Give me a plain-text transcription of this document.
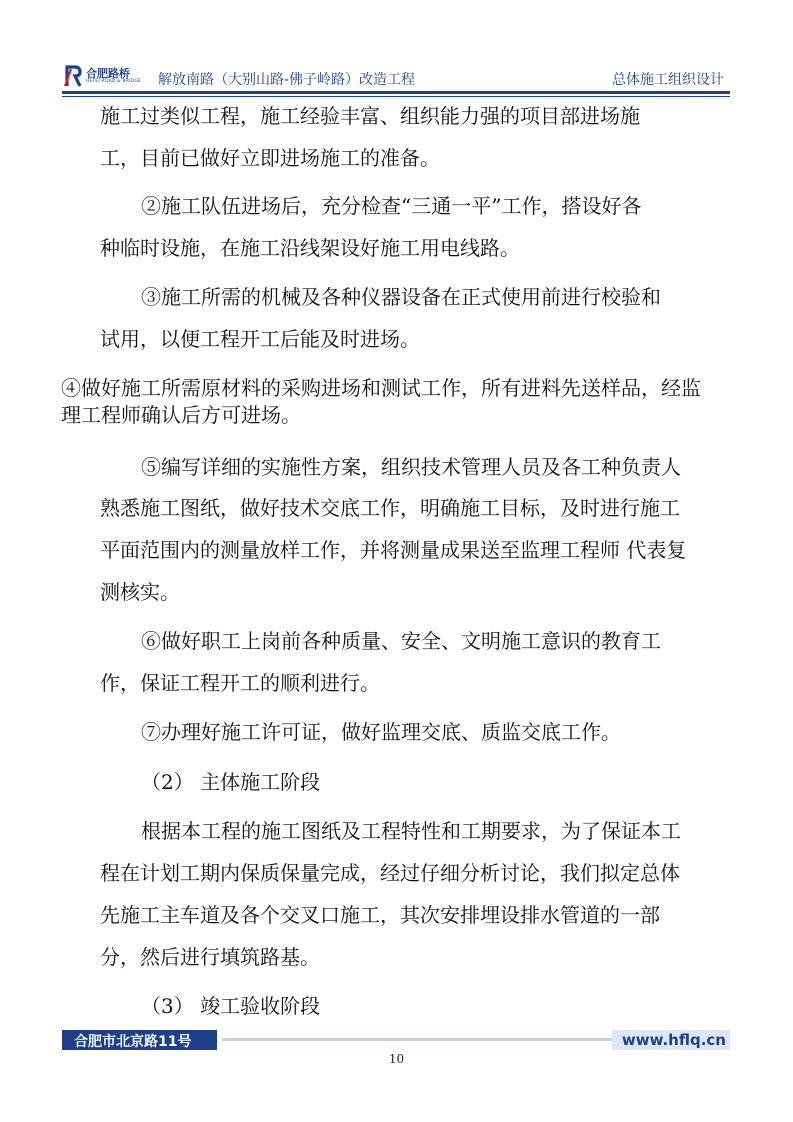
合肥路桥
HEFEI ROAD & BRIDGE 解放南路（大别山路-佛子岭路）改造工程	总体施工组织设计
施工过类似工程，施工经验丰富、组织能力强的项目部进场施
工，目前已做好立即进场施工的准备。
②施工队伍进场后，充分检查“三通一平”工作，搭设好各
种临时设施，在施工沿线架设好施工用电线路。
③施工所需的机械及各种仪器设备在正式使用前进行校验和
试用，以便工程开工后能及时进场。
④做好施工所需原材料的采购进场和测试工作，所有进料先送样品，经监
理工程师确认后方可进场。
⑤编写详细的实施性方案，组织技术管理人员及各工种负责人
熟悉施工图纸，做好技术交底工作，明确施工目标，及时进行施工
平面范围内的测量放样工作，并将测量成果送至监理工程师 代表复
测核实。
⑥做好职工上岗前各种质量、安全、文明施工意识的教育工
作，保证工程开工的顺利进行。
⑦办理好施工许可证，做好监理交底、质监交底工作。
（2） 主体施工阶段
根据本工程的施工图纸及工程特性和工期要求，为了保证本工
程在计划工期内保质保量完成，经过仔细分析讨论，我们拟定总体
先施工主车道及各个交叉口施工，其次安排埋设排水管道的一部
分，然后进行填筑路基。
（3） 竣工验收阶段
合肥市北京路11号	www.hflq.cn
10
